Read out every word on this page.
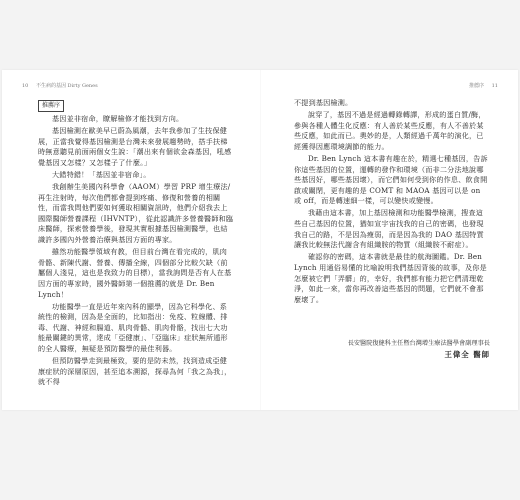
10 不生病的基因 Dirty Genes	推薦序 11
推薦序

基因並非宿命，瞭解檢修才能找到方向。

基因檢測在歐美早已蔚為風潮，去年我參加了生技保健展，正當我覺得基因檢測是台灣未來發展趨勢時，搭手扶梯時無意聽見前面兩個女生說：「潮出來有個欲金森基因，吼感覺基因又怎樣？又怎樣子了什麼。」

大錯特錯！「基因並非宿命」。

我創辦生美國內科學會（AAOM）學習 PRP 增生療法/再生注射時，每次他們都會提到疼痛、修復和營養的相關性，而當我問他們要如何獲取相關資訊時，他們介紹我去上國際醫師營養課程（IHVNTP），從此認識許多營養醫師和臨床醫師，探索營養學後，發現其實根據基因檢測醫學，也結識許多國內外營養治療與基因方面的專家。

雖然功能醫學領域有教，但目前台灣在看完成的，肌肉骨骼、新陳代謝、營養、傳播全線，四個部分比較欠缺（前屬個人淺見，這也是我致力的目標），當我詢問是否有人在基因方面的專家時，國外醫師第一個推薦的就是 Dr. Ben Lynch！

功能醫學一直是近年來內科的顯學，因為它科學化、系統性的檢測，因為是全面的，比如指出：免疫、粒線體、排毒、代謝、神經和腸道、肌肉骨骼、肌肉骨骼，找出七大功能最關鍵的異常，達成「亞健康」、「亞臨床」症狀無所遁形的全人醫療，無疑是預防醫學的最佳利器。

但預防醫學走到最極致，要的是防未然，找到造成亞健康症狀的深層原因，甚至追本溯源，探尋為何「我之為我」，就不得

不提到基因檢測。

說穿了，基因不過是經過轉錄轉譯，形成的蛋白質/酶，參與各種人體生化反應：有人善於某些反應，有人不善於某些反應，如此而已。奧妙的是，人類經過千萬年的演化，已經獲得因應環境調節的能力。

Dr. Ben Lynch 這本書有趣在於，精選七種基因，告訴你這些基因的位置，運轉的發作和環境（而非二分法地說哪些基因好，哪些基因壞），而它們如何受到你的作息、飲食開啟或關閉，更有趣的是 COMT 和 MAOA 基因可以是 on 或 off，而是轉速細一樣，可以變快或變慢。

我藉由這本書，加上基因檢測和功能醫學檢測，搜查這些自己基因的位置，猶如宣宇宙找我的自己的密碼，也發現我自己的路，不是因為瘦弱，而是因為我的 DAO 基因特質讓我比較無法代謝含有組織胺的物質（組織胺不耐症）。

確認你的密碼，這本書就是最佳的航海圖鑑。Dr. Ben Lynch 用通俗易懂的比喻說明我們基因背後的故事，及你是怎麼被它們「弄髒」的，幸好，我們都有能力把它們清理乾淨，如此一來，當你再改善這些基因的問題，它們就不會那麼壞了。

長安醫院復健科主任暨台灣增生療法醫學會副理事長
王偉全 醫師
